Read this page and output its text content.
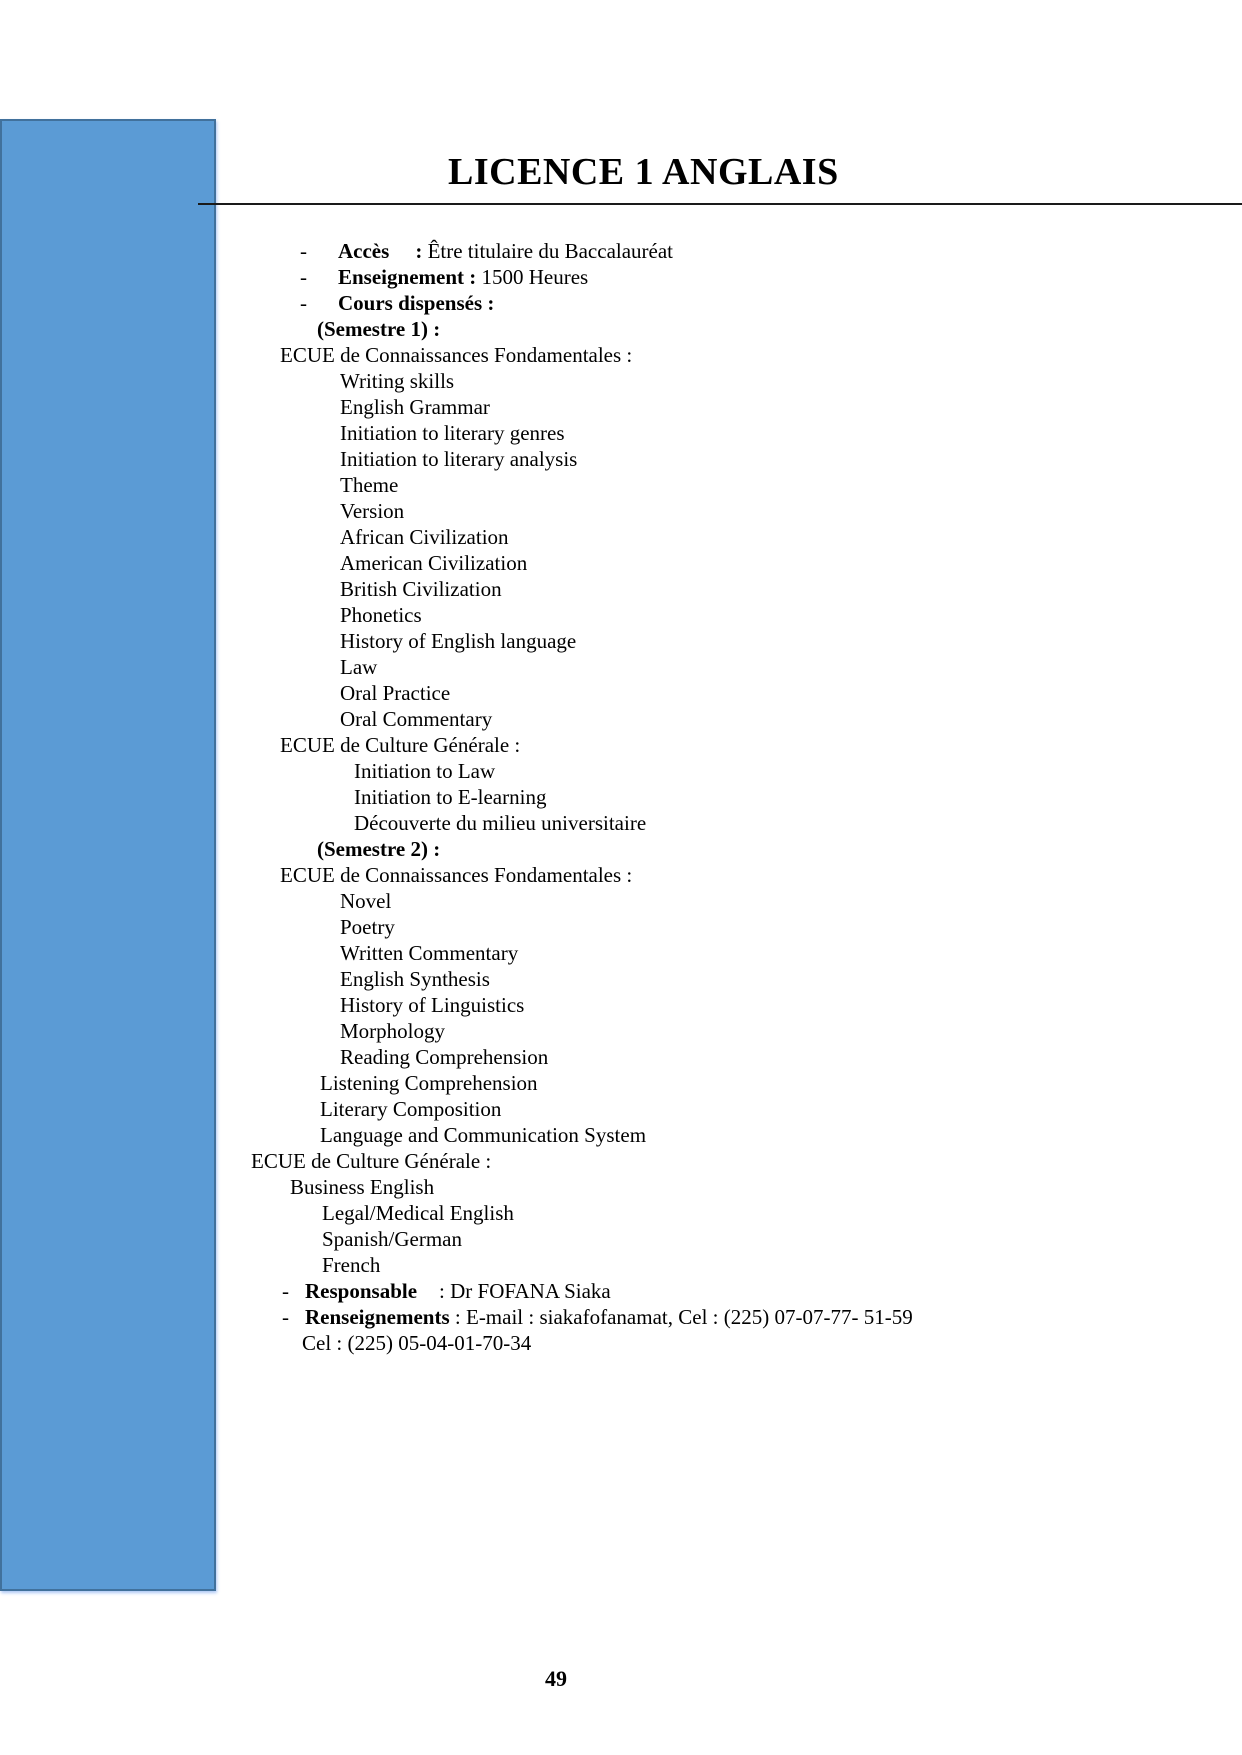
LICENCE 1 ANGLAIS
- Accès : Être titulaire du Baccalauréat
- Enseignement : 1500 Heures
- Cours dispensés :
(Semestre 1) :
ECUE de Connaissances Fondamentales :
Writing skills
English Grammar
Initiation to literary genres
Initiation to literary analysis
Theme
Version
African Civilization
American Civilization
British Civilization
Phonetics
History of English language
Law
Oral Practice
Oral Commentary
ECUE de Culture Générale :
Initiation to Law
Initiation to E-learning
Découverte du milieu universitaire
(Semestre 2) :
ECUE de Connaissances Fondamentales :
Novel
Poetry
Written Commentary
English Synthesis
History of Linguistics
Morphology
Reading Comprehension
Listening Comprehension
Literary Composition
Language and Communication System
ECUE de Culture Générale :
Business English
Legal/Medical English
Spanish/German
French
- Responsable : Dr FOFANA Siaka
- Renseignements : E-mail : siakafofanamat, Cel : (225) 07-07-77- 51-59
Cel : (225) 05-04-01-70-34
49
